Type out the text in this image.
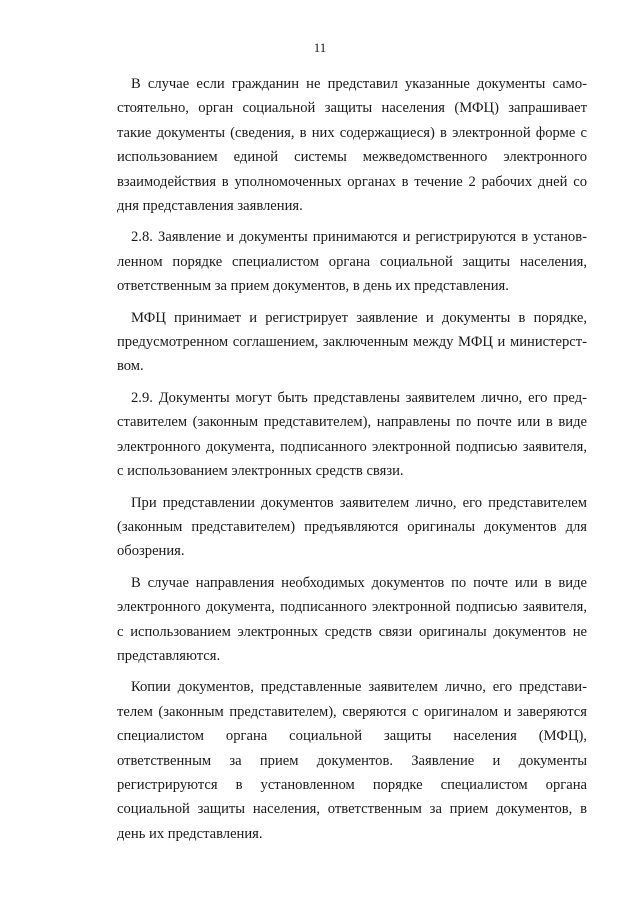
11

В случае если гражданин не представил указанные документы самостоятельно, орган социальной защиты населения (МФЦ) запрашивает такие документы (сведения, в них содержащиеся) в электронной форме с использованием единой системы межведомственного электронного взаимодействия в уполномоченных органах в течение 2 рабочих дней со дня представления заявления.

2.8. Заявление и документы принимаются и регистрируются в установленном порядке специалистом органа социальной защиты населения, ответственным за прием документов, в день их представления.

МФЦ принимает и регистрирует заявление и документы в порядке, предусмотренном соглашением, заключенным между МФЦ и министерством.

2.9. Документы могут быть представлены заявителем лично, его представителем (законным представителем), направлены по почте или в виде электронного документа, подписанного электронной подписью заявителя, с использованием электронных средств связи.

При представлении документов заявителем лично, его представителем (законным представителем) предъявляются оригиналы документов для обозрения.

В случае направления необходимых документов по почте или в виде электронного документа, подписанного электронной подписью заявителя, с использованием электронных средств связи оригиналы документов не представляются.

Копии документов, представленные заявителем лично, его представителем (законным представителем), сверяются с оригиналом и заверяются специалистом органа социальной защиты населения (МФЦ), ответственным за прием документов. Заявление и документы регистрируются в установленном порядке специалистом органа социальной защиты населения, ответственным за прием документов, в день их представления.
